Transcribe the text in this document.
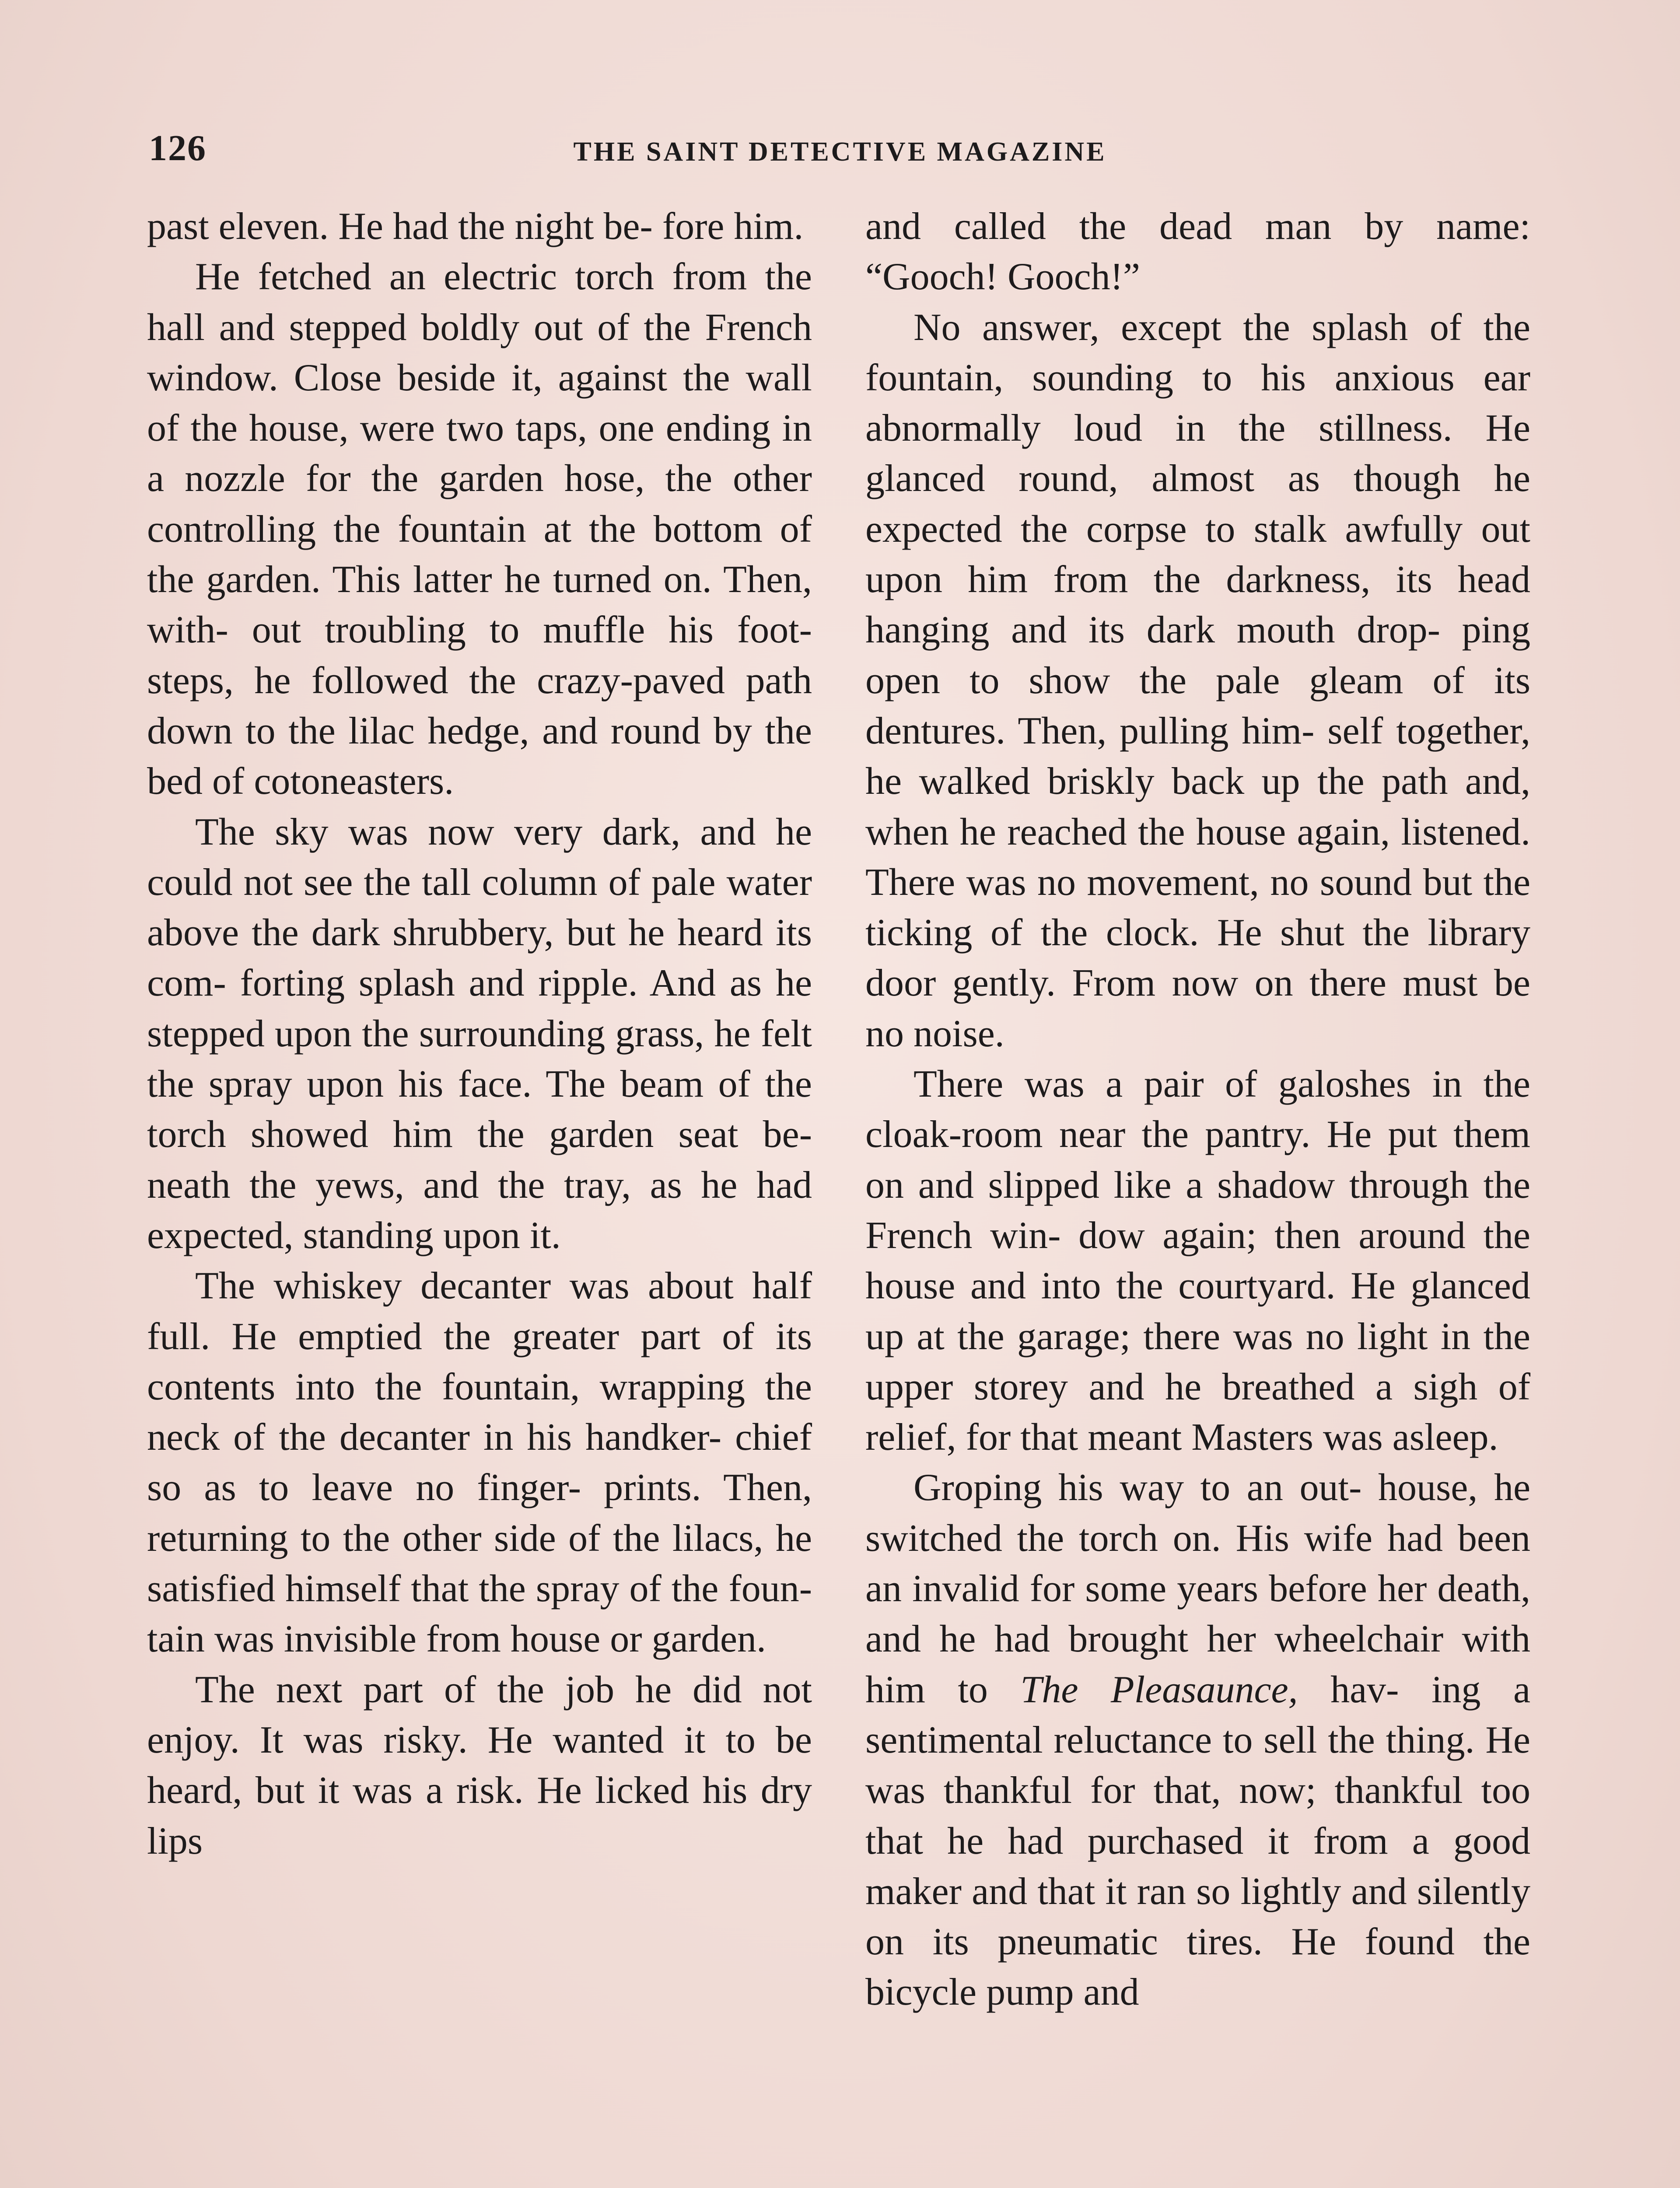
126	THE SAINT DETECTIVE MAGAZINE

past eleven. He had the night be- fore him.

He fetched an electric torch from the hall and stepped boldly out of the French window. Close beside it, against the wall of the house, were two taps, one ending in a nozzle for the garden hose, the other controlling the fountain at the bottom of the garden. This latter he turned on. Then, with- out troubling to muffle his foot- steps, he followed the crazy-paved path down to the lilac hedge, and round by the bed of cotoneasters.

The sky was now very dark, and he could not see the tall column of pale water above the dark shrubbery, but he heard its com- forting splash and ripple. And as he stepped upon the surrounding grass, he felt the spray upon his face. The beam of the torch showed him the garden seat be- neath the yews, and the tray, as he had expected, standing upon it.

The whiskey decanter was about half full. He emptied the greater part of its contents into the fountain, wrapping the neck of the decanter in his handker- chief so as to leave no finger- prints. Then, returning to the other side of the lilacs, he satisfied himself that the spray of the foun- tain was invisible from house or garden.

The next part of the job he did not enjoy. It was risky. He wanted it to be heard, but it was a risk. He licked his dry lips

and called the dead man by name: “Gooch! Gooch!”

No answer, except the splash of the fountain, sounding to his anxious ear abnormally loud in the stillness. He glanced round, almost as though he expected the corpse to stalk awfully out upon him from the darkness, its head hanging and its dark mouth drop- ping open to show the pale gleam of its dentures. Then, pulling him- self together, he walked briskly back up the path and, when he reached the house again, listened. There was no movement, no sound but the ticking of the clock. He shut the library door gently. From now on there must be no noise.

There was a pair of galoshes in the cloak-room near the pantry. He put them on and slipped like a shadow through the French win- dow again; then around the house and into the courtyard. He glanced up at the garage; there was no light in the upper storey and he breathed a sigh of relief, for that meant Masters was asleep.

Groping his way to an out- house, he switched the torch on. His wife had been an invalid for some years before her death, and he had brought her wheelchair with him to The Pleasaunce, hav- ing a sentimental reluctance to sell the thing. He was thankful for that, now; thankful too that he had purchased it from a good maker and that it ran so lightly and silently on its pneumatic tires. He found the bicycle pump and
